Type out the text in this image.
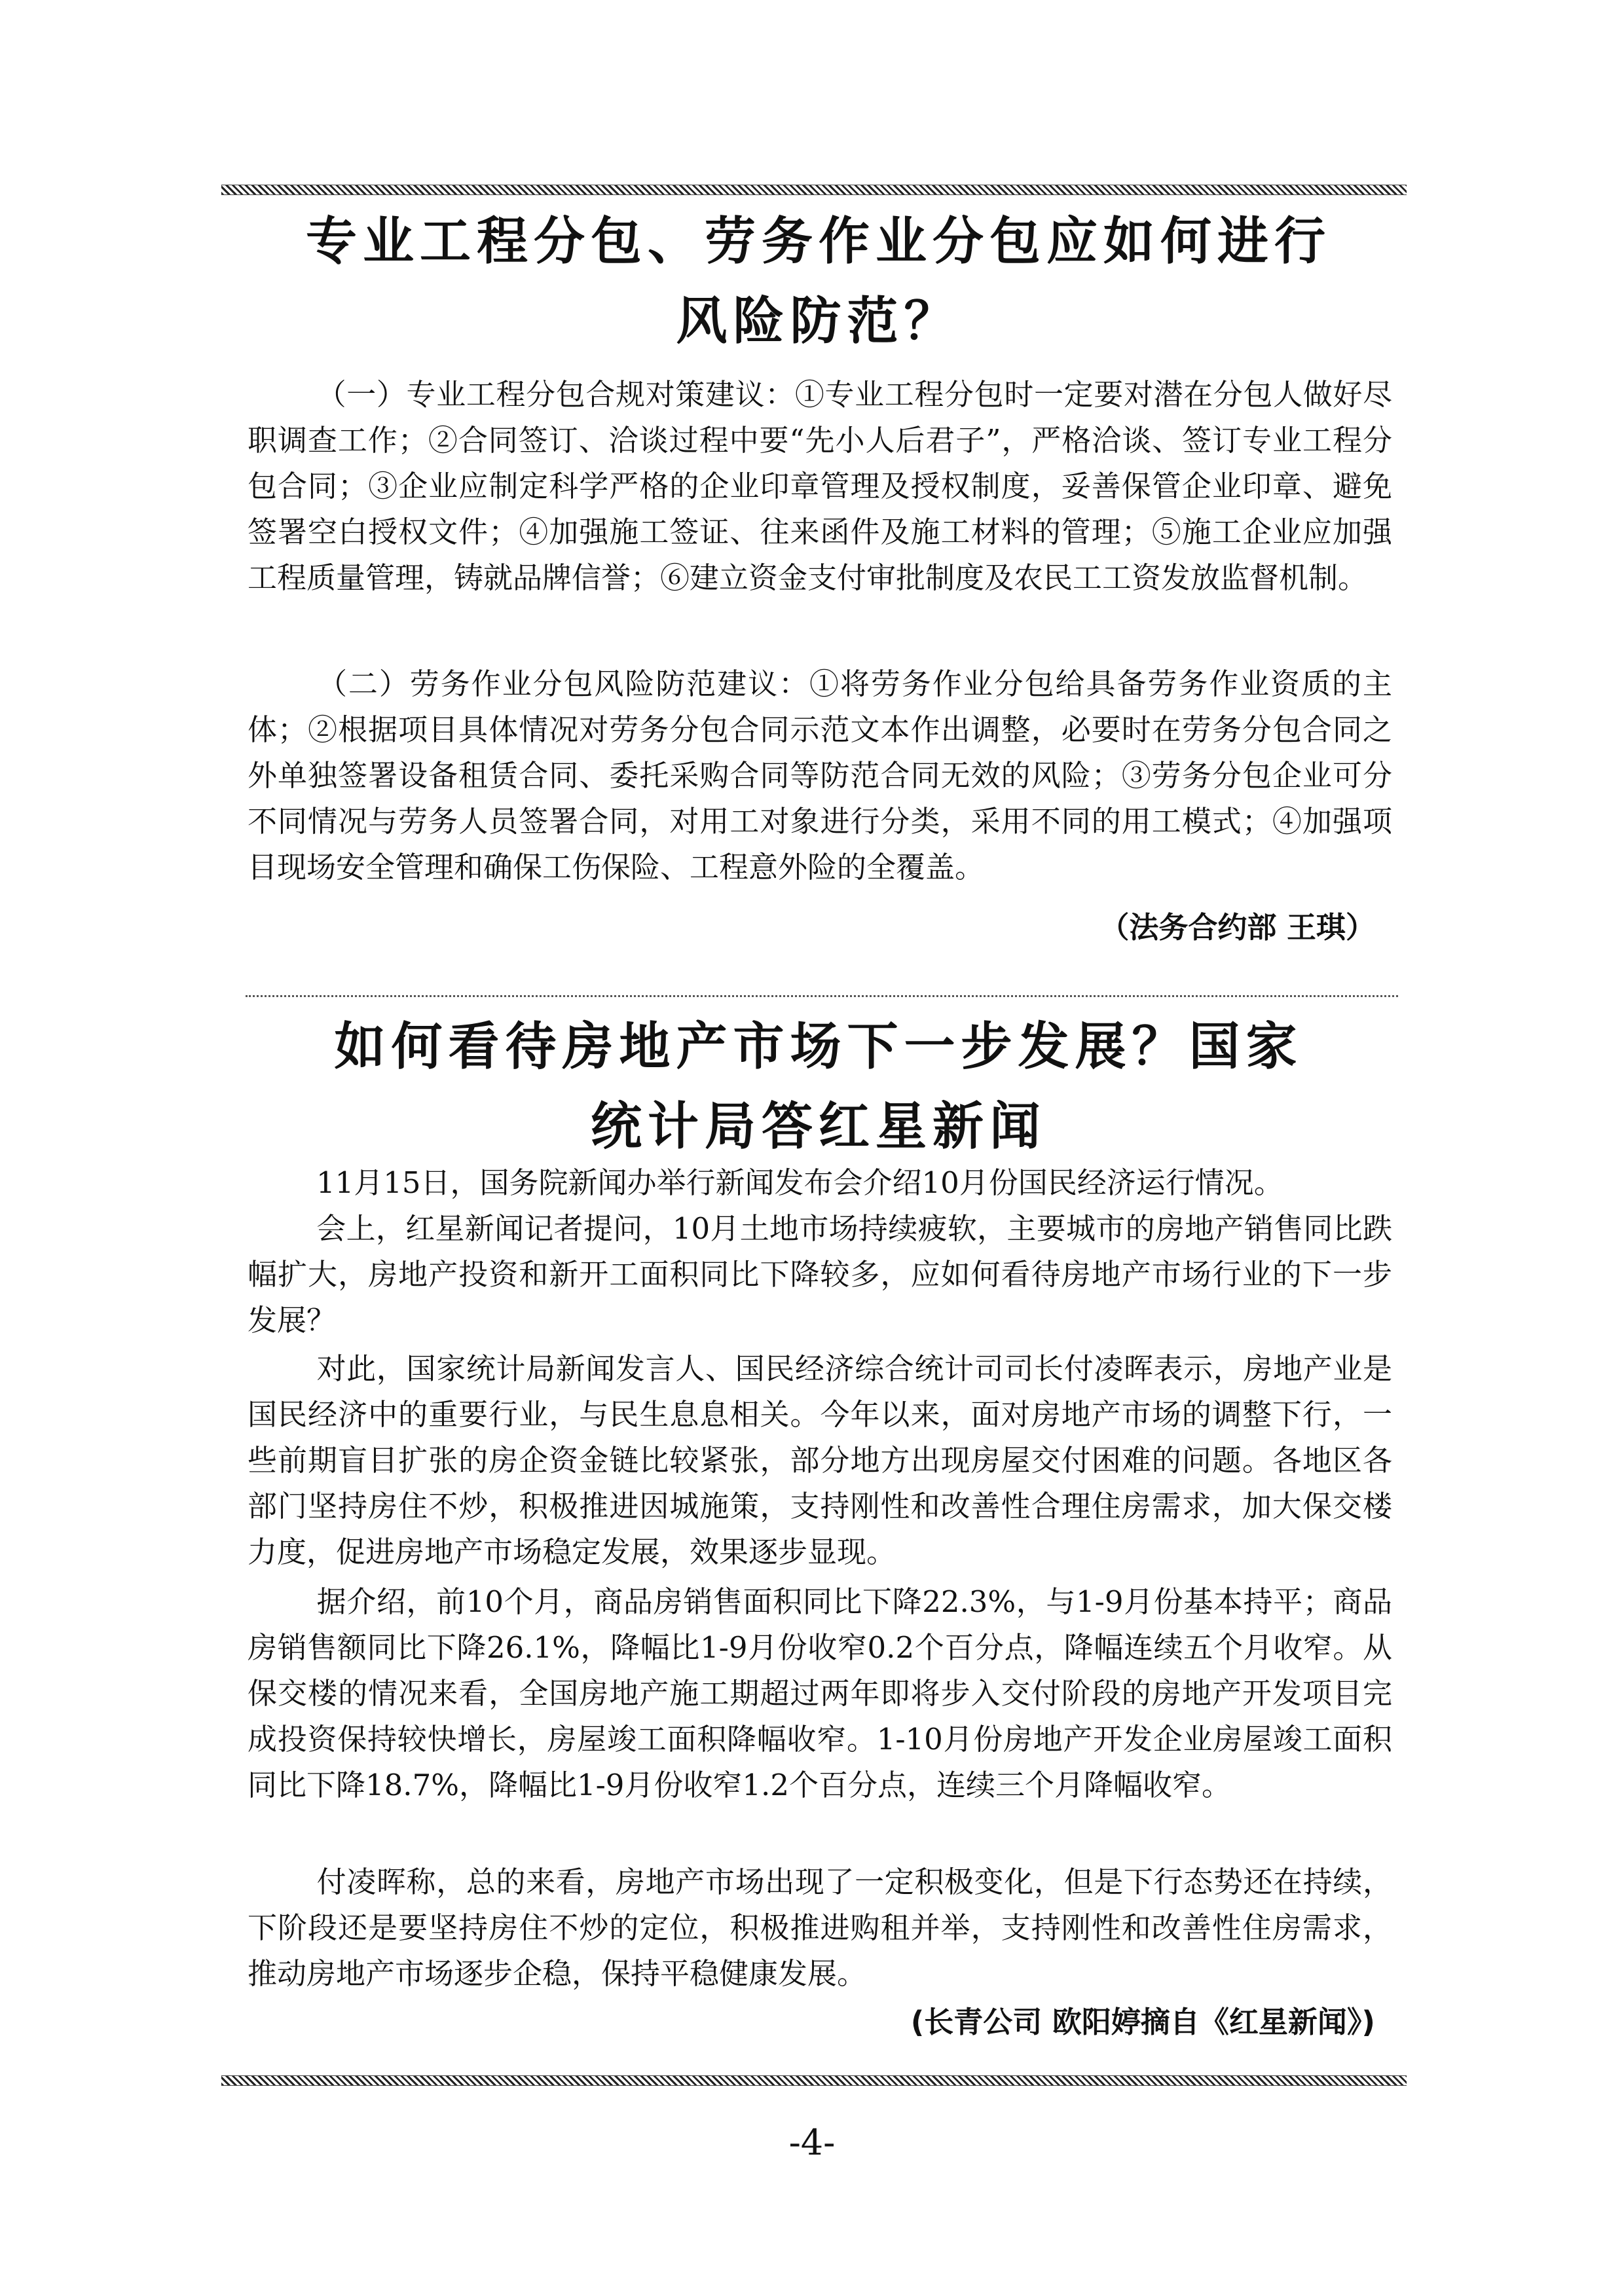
专业工程分包、劳务作业分包应如何进行
风险防范？

（一）专业工程分包合规对策建议：①专业工程分包时一定要对潜在分包人做好尽职调查工作；②合同签订、洽谈过程中要“先小人后君子”，严格洽谈、签订专业工程分包合同；③企业应制定科学严格的企业印章管理及授权制度，妥善保管企业印章、避免签署空白授权文件；④加强施工签证、往来函件及施工材料的管理；⑤施工企业应加强工程质量管理，铸就品牌信誉；⑥建立资金支付审批制度及农民工工资发放监督机制。

（二）劳务作业分包风险防范建议：①将劳务作业分包给具备劳务作业资质的主体；②根据项目具体情况对劳务分包合同示范文本作出调整，必要时在劳务分包合同之外单独签署设备租赁合同、委托采购合同等防范合同无效的风险；③劳务分包企业可分不同情况与劳务人员签署合同，对用工对象进行分类，采用不同的用工模式；④加强项目现场安全管理和确保工伤保险、工程意外险的全覆盖。

（法务合约部 王琪）
如何看待房地产市场下一步发展？国家
统计局答红星新闻

11月15日，国务院新闻办举行新闻发布会介绍10月份国民经济运行情况。

会上，红星新闻记者提问，10月土地市场持续疲软，主要城市的房地产销售同比跌幅扩大，房地产投资和新开工面积同比下降较多，应如何看待房地产市场行业的下一步发展？

对此，国家统计局新闻发言人、国民经济综合统计司司长付凌晖表示，房地产业是国民经济中的重要行业，与民生息息相关。今年以来，面对房地产市场的调整下行，一些前期盲目扩张的房企资金链比较紧张，部分地方出现房屋交付困难的问题。各地区各部门坚持房住不炒，积极推进因城施策，支持刚性和改善性合理住房需求，加大保交楼力度，促进房地产市场稳定发展，效果逐步显现。

据介绍，前10个月，商品房销售面积同比下降22.3%，与1-9月份基本持平；商品房销售额同比下降26.1%，降幅比1-9月份收窄0.2个百分点，降幅连续五个月收窄。从保交楼的情况来看，全国房地产施工期超过两年即将步入交付阶段的房地产开发项目完成投资保持较快增长，房屋竣工面积降幅收窄。1-10月份房地产开发企业房屋竣工面积同比下降18.7%，降幅比1-9月份收窄1.2个百分点，连续三个月降幅收窄。

付凌晖称，总的来看，房地产市场出现了一定积极变化，但是下行态势还在持续，下阶段还是要坚持房住不炒的定位，积极推进购租并举，支持刚性和改善性住房需求，推动房地产市场逐步企稳，保持平稳健康发展。

(长青公司 欧阳婷摘自《红星新闻》)
-4-
